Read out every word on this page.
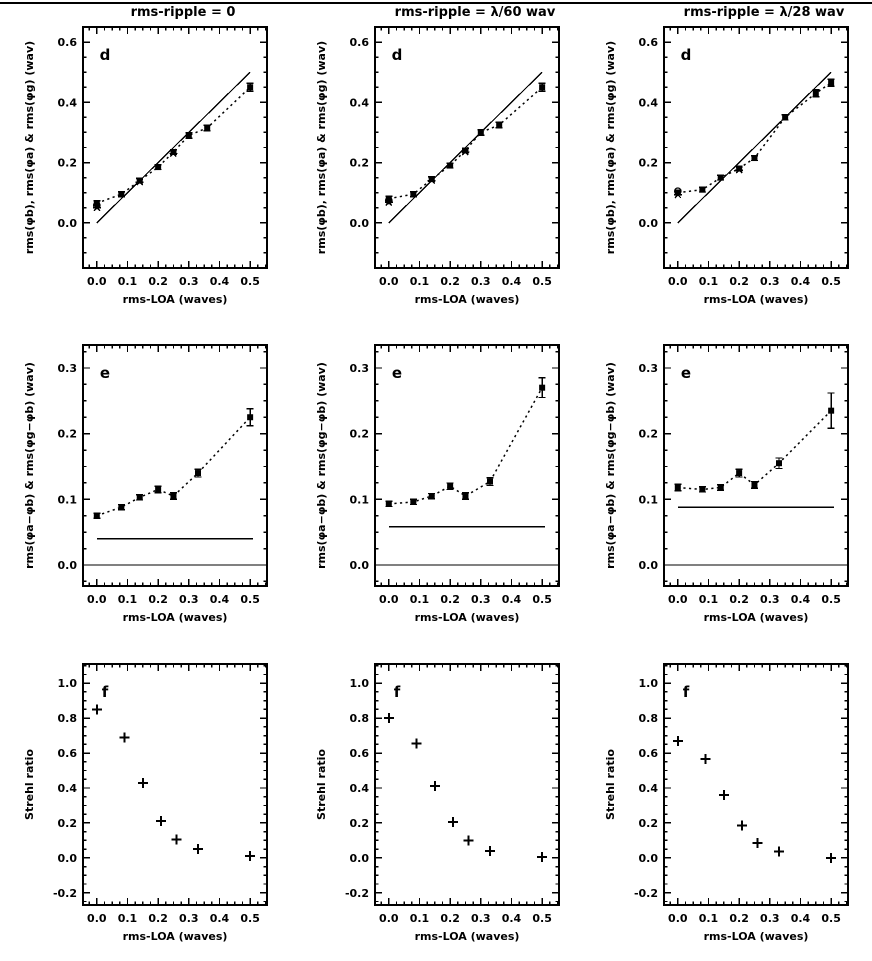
rms-ripple = 0
0.0 0.1 0.2 0.3 0.4 0.5
0.0
0.2
0.4
0.6
rms-LOA (waves)
rms(φb), rms(φa) & rms(φg) (wav)	d
rms-ripple = λ/60 wav
0.0 0.1 0.2 0.3 0.4 0.5
0.0
0.2
0.4
0.6
rms-LOA (waves)
rms(φb), rms(φa) & rms(φg) (wav)	d
rms-ripple = λ/28 wav
0.0 0.1 0.2 0.3 0.4 0.5
0.0
0.2
0.4
0.6
rms-LOA (waves)
rms(φb), rms(φa) & rms(φg) (wav)	d
0.0 0.1 0.2 0.3 0.4 0.5
0.0
0.1
0.2
0.3
rms-LOA (waves)
rms(φa−φb) & rms(φg−φb) (wav)	e
0.0 0.1 0.2 0.3 0.4 0.5
0.0
0.1
0.2
0.3
rms-LOA (waves)
rms(φa−φb) & rms(φg−φb) (wav)	e
0.0 0.1 0.2 0.3 0.4 0.5
0.0
0.1
0.2
0.3
rms-LOA (waves)
rms(φa−φb) & rms(φg−φb) (wav)	e
0.0 0.1 0.2 0.3 0.4 0.5
-0.2
0.0
0.2
0.4
0.6
0.8
1.0
rms-LOA (waves)
Strehl ratio
f
0.0 0.1 0.2 0.3 0.4 0.5
-0.2
0.0
0.2
0.4
0.6
0.8
1.0
rms-LOA (waves)
Strehl ratio
f
0.0 0.1 0.2 0.3 0.4 0.5
-0.2
0.0
0.2
0.4
0.6
0.8
1.0
rms-LOA (waves)
Strehl ratio
f
